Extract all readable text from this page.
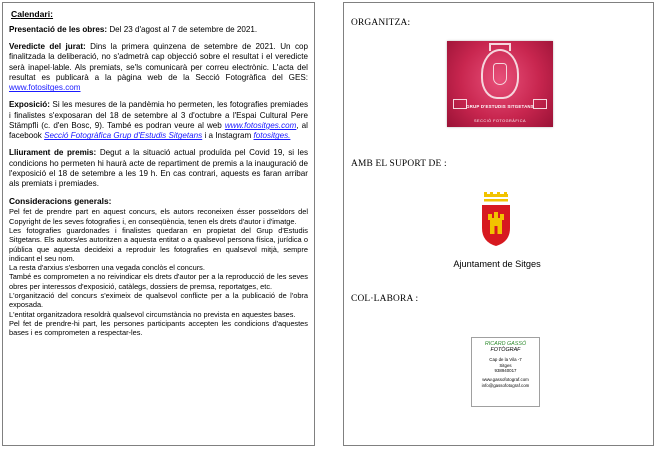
Calendari:

Presentació de les obres: Del 23 d'agost al 7 de setembre de 2021.

Veredicte del jurat: Dins la primera quinzena de setembre de 2021. Un cop finalitzada la deliberació, no s'admetrà cap objecció sobre el resultat i el veredicte serà inapel·lable. Als premiats, se'ls comunicarà per correu electrònic. L'acta del resultat es publicarà a la pàgina web de la Secció Fotogràfica del GES: www.fotositges.com

Exposició: Si les mesures de la pandèmia ho permeten, les fotografies premiades i finalistes s'exposaran del 18 de setembre al 3 d'octubre a l'Espai Cultural Pere Stämpfli (c. d'en Bosc, 9). També es podran veure al web www.fotositges.com, al facebook Secció Fotogràfica Grup d'Estudis Sitgetans i a Instagram fotositges.

Lliurament de premis: Degut a la situació actual produïda pel Covid 19, si les condicions ho permeten hi haurà acte de repartiment de premis a la inauguració de l'exposició el 18 de setembre a les 19 h. En cas contrari, aquests es faran arribar als premiats i premiades.

Consideracions generals:
Pel fet de prendre part en aquest concurs, els autors reconeixen ésser posseïdors del Copyright de les seves fotografies i, en conseqüència, tenen els drets d'autor i d'imatge.
Les fotografies guardonades i finalistes quedaran en propietat del Grup d'Estudis Sitgetans. Els autors/es autoritzen a aquesta entitat o a qualsevol persona física, jurídica o pública que aquesta decideixi a reproduir les fotografies en qualsevol mitjà, sempre indicant el seu nom.
La resta d'arxius s'esborren una vegada conclòs el concurs.
També es comprometen a no reivindicar els drets d'autor per a la reproducció de les seves obres per interessos d'exposició, catàlegs, dossiers de premsa, reportatges, etc.
L'organització del concurs s'eximeix de qualsevol conflicte per a la publicació de l'obra exposada.
L'entitat organitzadora resoldrà qualsevol circumstància no prevista en aquestes bases.
Pel fet de prendre-hi part, les persones participants accepten les condicions d'aquestes bases i es comprometen a respectar-les.
ORGANITZA:
GRUP D'ESTUDIS SITGETANS
SECCIÓ FOTOGRÀFICA
AMB EL SUPORT DE :
Ajuntament de Sitges
COL·LABORA :
RICARD GASSÓ
FOTÒGRAF
Cap de la Vila -7
Sitges
938940017
www.gassofotograf.com
info@gassofotograf.com
